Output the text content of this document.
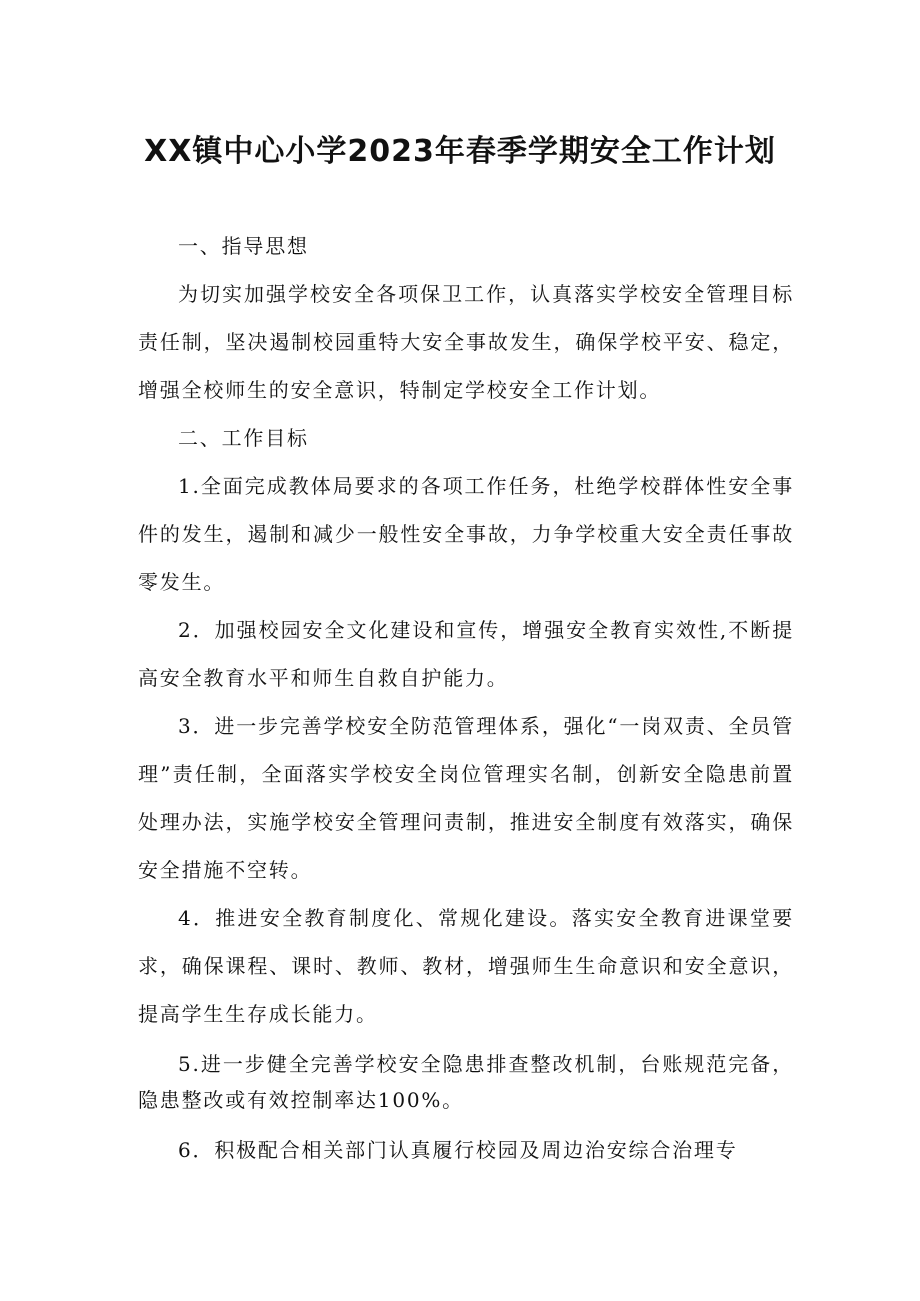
XX镇中心小学2023年春季学期安全工作计划

一、指导思想

为切实加强学校安全各项保卫工作，认真落实学校安全管理目标责任制，坚决遏制校园重特大安全事故发生，确保学校平安、稳定，增强全校师生的安全意识，特制定学校安全工作计划。

二、工作目标

1.全面完成教体局要求的各项工作任务，杜绝学校群体性安全事件的发生，遏制和减少一般性安全事故，力争学校重大安全责任事故零发生。

2．加强校园安全文化建设和宣传，增强安全教育实效性,不断提高安全教育水平和师生自救自护能力。

3．进一步完善学校安全防范管理体系，强化“一岗双责、全员管理”责任制，全面落实学校安全岗位管理实名制，创新安全隐患前置处理办法，实施学校安全管理问责制，推进安全制度有效落实，确保安全措施不空转。

4．推进安全教育制度化、常规化建设。落实安全教育进课堂要求，确保课程、课时、教师、教材，增强师生生命意识和安全意识，提高学生生存成长能力。

5.进一步健全完善学校安全隐患排查整改机制，台账规范完备，隐患整改或有效控制率达100%。

6．积极配合相关部门认真履行校园及周边治安综合治理专
